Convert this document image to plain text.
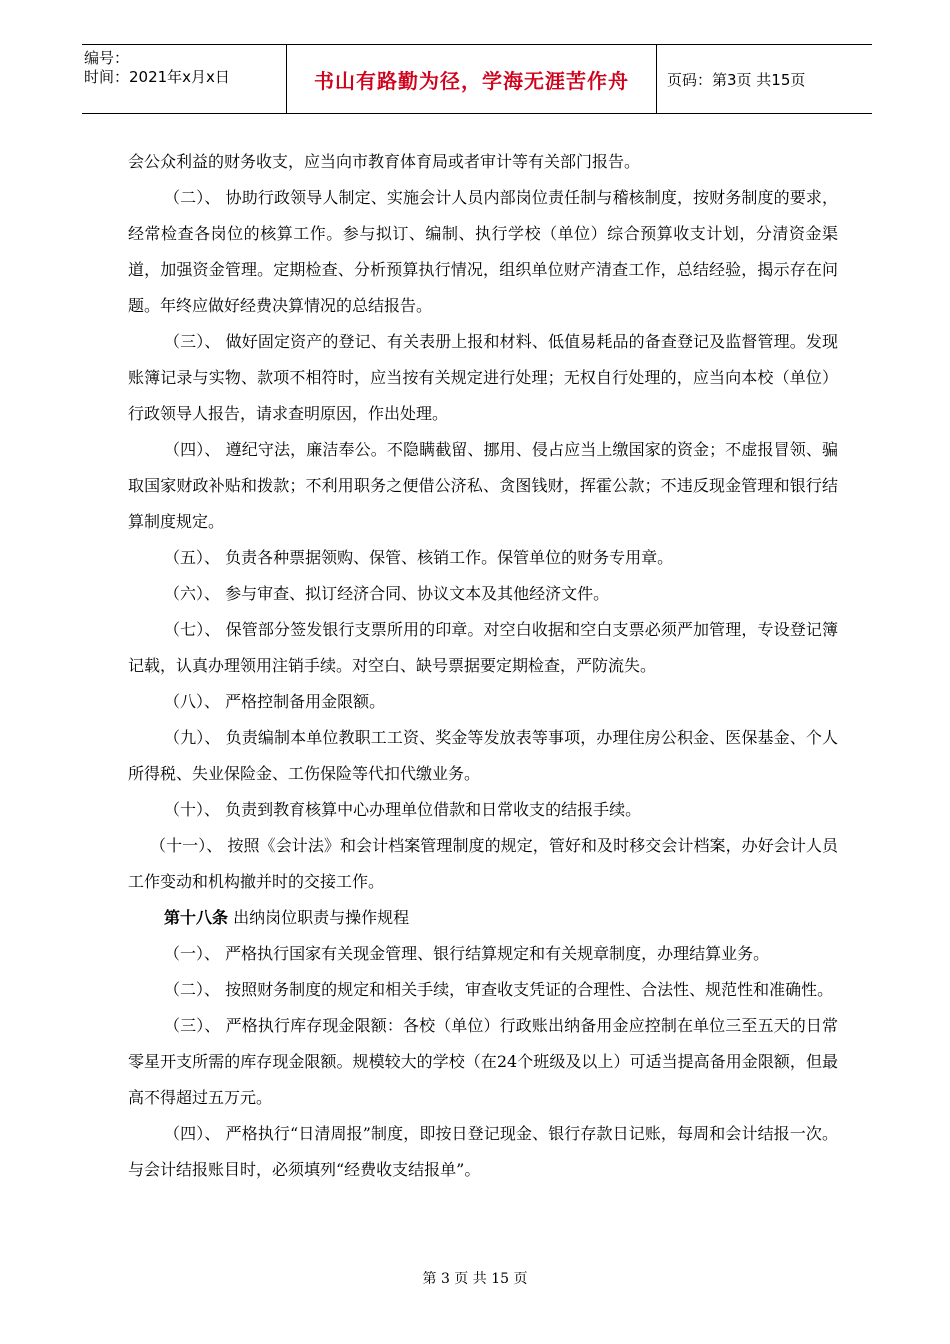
编号：
时间：2021年x月x日	书山有路勤为径，学海无涯苦作舟	页码：第3页 共15页

会公众利益的财务收支，应当向市教育体育局或者审计等有关部门报告。

（二）、 协助行政领导人制定、实施会计人员内部岗位责任制与稽核制度，按财务制度的要求，经常检查各岗位的核算工作。参与拟订、编制、执行学校（单位）综合预算收支计划，分清资金渠道，加强资金管理。定期检查、分析预算执行情况，组织单位财产清查工作，总结经验，揭示存在问题。年终应做好经费决算情况的总结报告。

（三）、 做好固定资产的登记、有关表册上报和材料、低值易耗品的备查登记及监督管理。发现账簿记录与实物、款项不相符时，应当按有关规定进行处理；无权自行处理的，应当向本校（单位）行政领导人报告，请求查明原因，作出处理。

（四）、 遵纪守法，廉洁奉公。不隐瞒截留、挪用、侵占应当上缴国家的资金；不虚报冒领、骗取国家财政补贴和拨款；不利用职务之便借公济私、贪图钱财，挥霍公款；不违反现金管理和银行结算制度规定。

（五）、 负责各种票据领购、保管、核销工作。保管单位的财务专用章。

（六）、 参与审查、拟订经济合同、协议文本及其他经济文件。

（七）、 保管部分签发银行支票所用的印章。对空白收据和空白支票必须严加管理，专设登记簿记载，认真办理领用注销手续。对空白、缺号票据要定期检查，严防流失。

（八）、 严格控制备用金限额。

（九）、 负责编制本单位教职工工资、奖金等发放表等事项，办理住房公积金、医保基金、个人所得税、失业保险金、工伤保险等代扣代缴业务。

（十）、 负责到教育核算中心办理单位借款和日常收支的结报手续。

（十一）、 按照《会计法》和会计档案管理制度的规定，管好和及时移交会计档案，办好会计人员工作变动和机构撤并时的交接工作。

第十八条 出纳岗位职责与操作规程

（一）、 严格执行国家有关现金管理、银行结算规定和有关规章制度，办理结算业务。

（二）、 按照财务制度的规定和相关手续，审查收支凭证的合理性、合法性、规范性和准确性。

（三）、 严格执行库存现金限额：各校（单位）行政账出纳备用金应控制在单位三至五天的日常零星开支所需的库存现金限额。规模较大的学校（在24个班级及以上）可适当提高备用金限额，但最高不得超过五万元。

（四）、 严格执行“日清周报”制度，即按日登记现金、银行存款日记账，每周和会计结报一次。与会计结报账目时，必须填列“经费收支结报单”。

第 3 页 共 15 页
